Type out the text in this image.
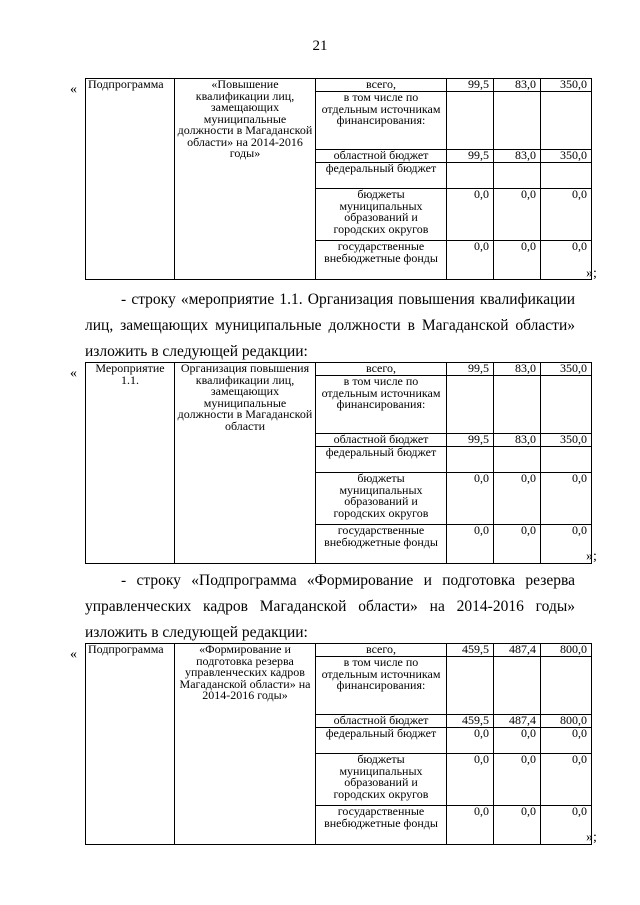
21
« Подпрограмма	«Повышение квалификации лиц, замещающих муниципальные должности в Магаданской области» на 2014-2016 годы»	всего,	99,5	83,0	350,0
		в том числе по отдельным источникам финансирования:			
		областной бюджет	99,5	83,0	350,0
		федеральный бюджет			
		бюджеты муниципальных образований и городских округов	0,0	0,0	0,0
		государственные внебюджетные фонды	0,0	0,0	0,0
»;
- строку «мероприятие 1.1. Организация повышения квалификации
лиц, замещающих муниципальные должности в Магаданской области»
изложить в следующей редакции:
« Мероприятие 1.1.	Организация повышения квалификации лиц, замещающих муниципальные должности в Магаданской области	всего,	99,5	83,0	350,0
		в том числе по отдельным источникам финансирования:			
		областной бюджет	99,5	83,0	350,0
		федеральный бюджет			
		бюджеты муниципальных образований и городских округов	0,0	0,0	0,0
		государственные внебюджетные фонды	0,0	0,0	0,0
»;
- строку «Подпрограмма «Формирование и подготовка резерва
управленческих кадров Магаданской области» на 2014-2016 годы»
изложить в следующей редакции:
« Подпрограмма	«Формирование и подготовка резерва управленческих кадров Магаданской области» на 2014-2016 годы»	всего,	459,5	487,4	800,0
		в том числе по отдельным источникам финансирования:			
		областной бюджет	459,5	487,4	800,0
		федеральный бюджет	0,0	0,0	0,0
		бюджеты муниципальных образований и городских округов	0,0	0,0	0,0
		государственные внебюджетные фонды	0,0	0,0	0,0
»;
